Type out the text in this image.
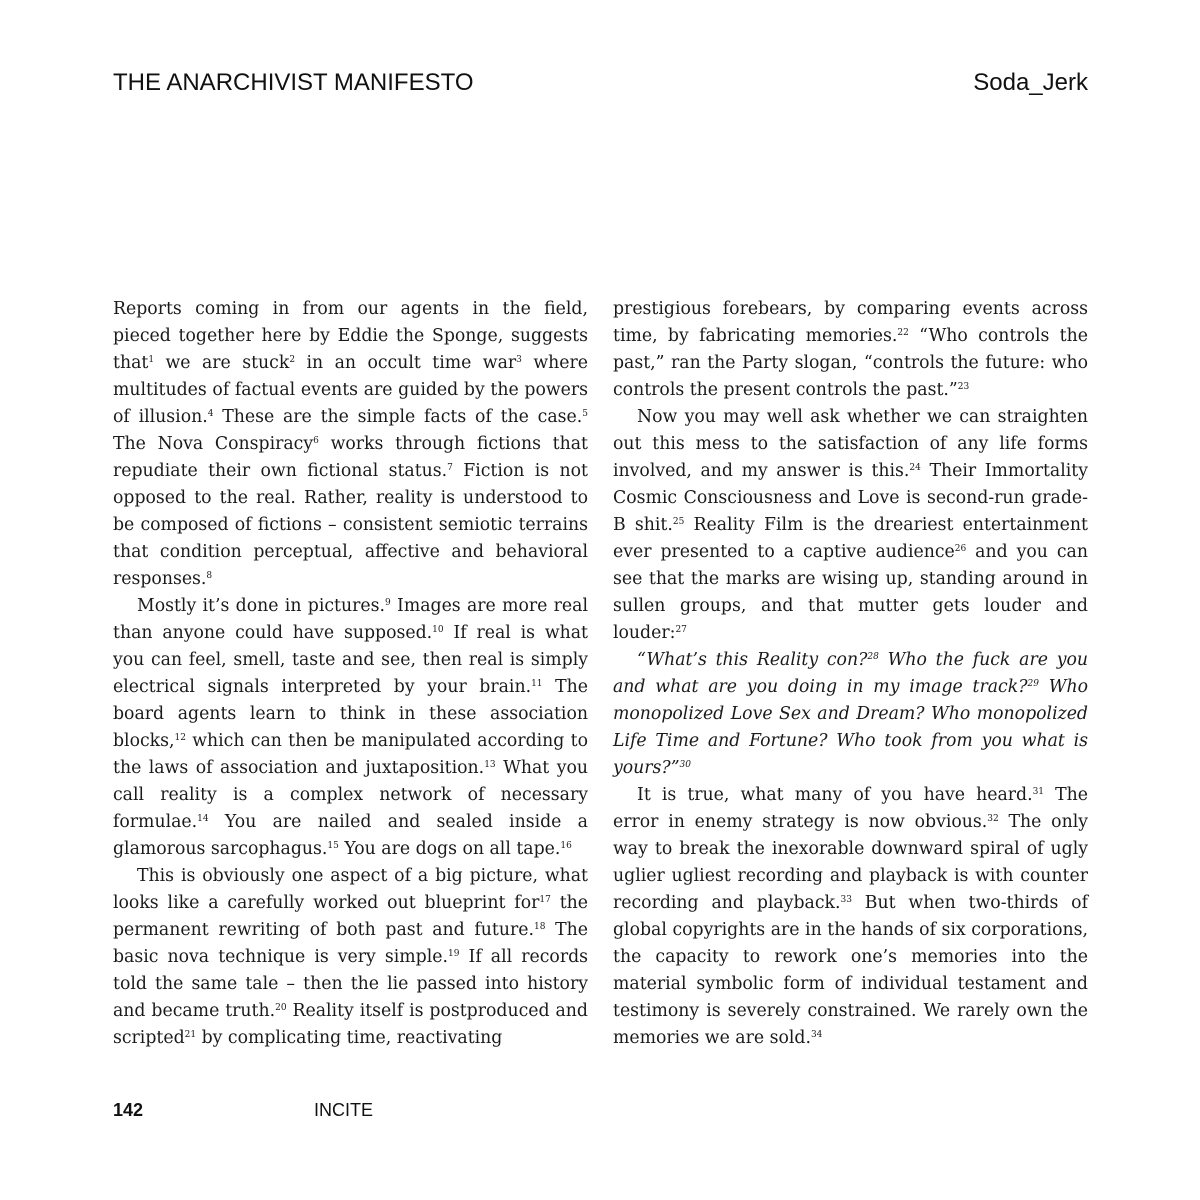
THE ANARCHIVIST MANIFESTO	Soda_Jerk

Reports coming in from our agents in the field, pieced together here by Eddie the Sponge, suggests that$^1$ we are stuck$^2$ in an occult time war$^3$ where multitudes of factual events are guided by the powers of illusion.$^4$ These are the simple facts of the case.$^5$ The Nova Conspiracy$^6$ works through fictions that repudiate their own fictional status.$^7$ Fiction is not opposed to the real. Rather, reality is understood to be composed of fictions – consistent semiotic terrains that condition perceptual, affective and behavioral responses.$^8$

Mostly it’s done in pictures.$^9$ Images are more real than anyone could have supposed.$^{10}$ If real is what you can feel, smell, taste and see, then real is simply electrical signals interpreted by your brain.$^{11}$ The board agents learn to think in these association blocks,$^{12}$ which can then be manipulated according to the laws of association and juxtaposition.$^{13}$ What you call reality is a complex network of necessary formulae.$^{14}$ You are nailed and sealed inside a glamorous sarcophagus.$^{15}$ You are dogs on all tape.$^{16}$

This is obviously one aspect of a big picture, what looks like a carefully worked out blueprint for$^{17}$ the permanent rewriting of both past and future.$^{18}$ The basic nova technique is very simple.$^{19}$ If all records told the same tale – then the lie passed into history and became truth.$^{20}$ Reality itself is postproduced and scripted$^{21}$ by complicating time, reactivating

prestigious forebears, by comparing events across time, by fabricating memories.$^{22}$ “Who controls the past,” ran the Party slogan, “controls the future: who controls the present controls the past.”$^{23}$

Now you may well ask whether we can straighten out this mess to the satisfaction of any life forms involved, and my answer is this.$^{24}$ Their Immortality Cosmic Consciousness and Love is second-run grade-B shit.$^{25}$ Reality Film is the dreariest entertainment ever presented to a captive audience$^{26}$ and you can see that the marks are wising up, standing around in sullen groups, and that mutter gets louder and louder:$^{27}$

“What’s this Reality con?$^{28}$ Who the fuck are you and what are you doing in my image track?$^{29}$ Who monopolized Love Sex and Dream? Who monopolized Life Time and Fortune? Who took from you what is yours?”$^{30}$

It is true, what many of you have heard.$^{31}$ The error in enemy strategy is now obvious.$^{32}$ The only way to break the inexorable downward spiral of ugly uglier ugliest recording and playback is with counter recording and playback.$^{33}$ But when two-thirds of global copyrights are in the hands of six corporations, the capacity to rework one’s memories into the material symbolic form of individual testament and testimony is severely constrained. We rarely own the memories we are sold.$^{34}$

142	INCITE
